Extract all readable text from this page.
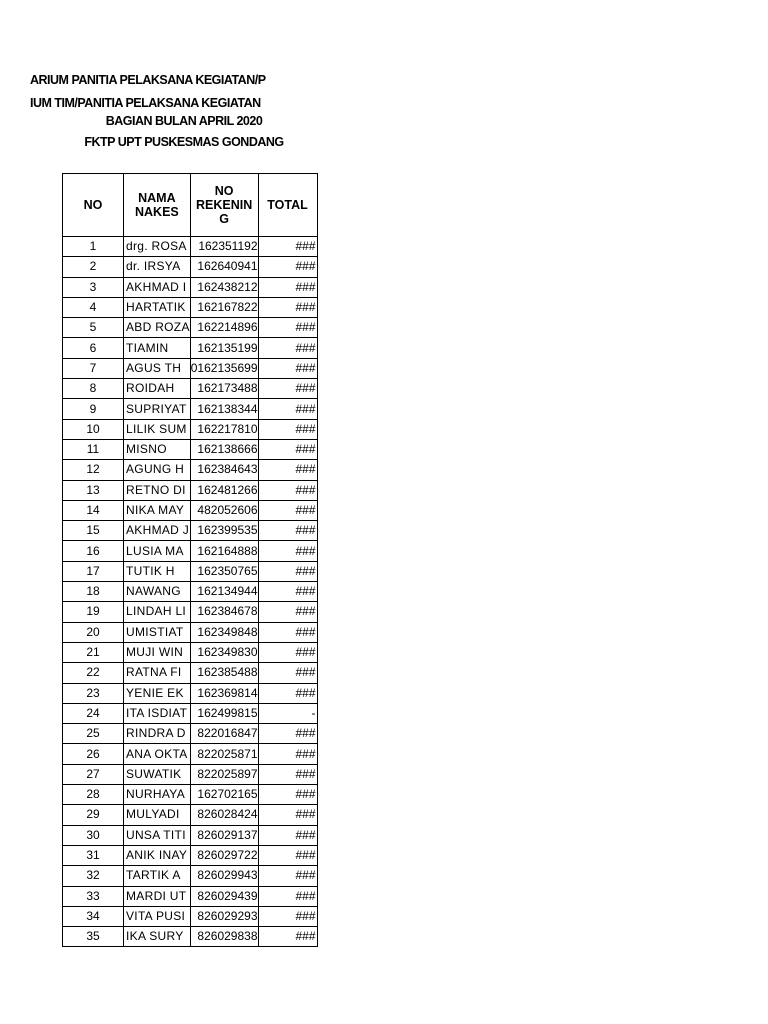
ARIUM PANITIA PELAKSANA KEGIATAN/P
IUM TIM/PANITIA PELAKSANA KEGIATAN
BAGIAN BULAN APRIL 2020
FKTP UPT PUSKESMAS GONDANG
NO	NAMA NAKES	NO REKENIN G	TOTAL
1	drg. ROSA	162351192	###
2	dr. IRSYA	162640941	###
3	AKHMAD I	162438212	###
4	HARTATIK	162167822	###
5	ABD ROZA	162214896	###
6	TIAMIN	162135199	###
7	AGUS TH	0162135699	###
8	ROIDAH	162173488	###
9	SUPRIYAT	162138344	###
10	LILIK SUM	162217810	###
11	MISNO	162138666	###
12	AGUNG H	162384643	###
13	RETNO DI	162481266	###
14	NIKA MAY	482052606	###
15	AKHMAD J	162399535	###
16	LUSIA MA	162164888	###
17	TUTIK H	162350765	###
18	NAWANG	162134944	###
19	LINDAH LI	162384678	###
20	UMISTIAT	162349848	###
21	MUJI WIN	162349830	###
22	RATNA FI	162385488	###
23	YENIE EK	162369814	###
24	ITA ISDIAT	162499815	-
25	RINDRA D	822016847	###
26	ANA OKTA	822025871	###
27	SUWATIK	822025897	###
28	NURHAYA	162702165	###
29	MULYADI	826028424	###
30	UNSA TITI	826029137	###
31	ANIK INAY	826029722	###
32	TARTIK A	826029943	###
33	MARDI UT	826029439	###
34	VITA PUSI	826029293	###
35	IKA SURY	826029838	###
